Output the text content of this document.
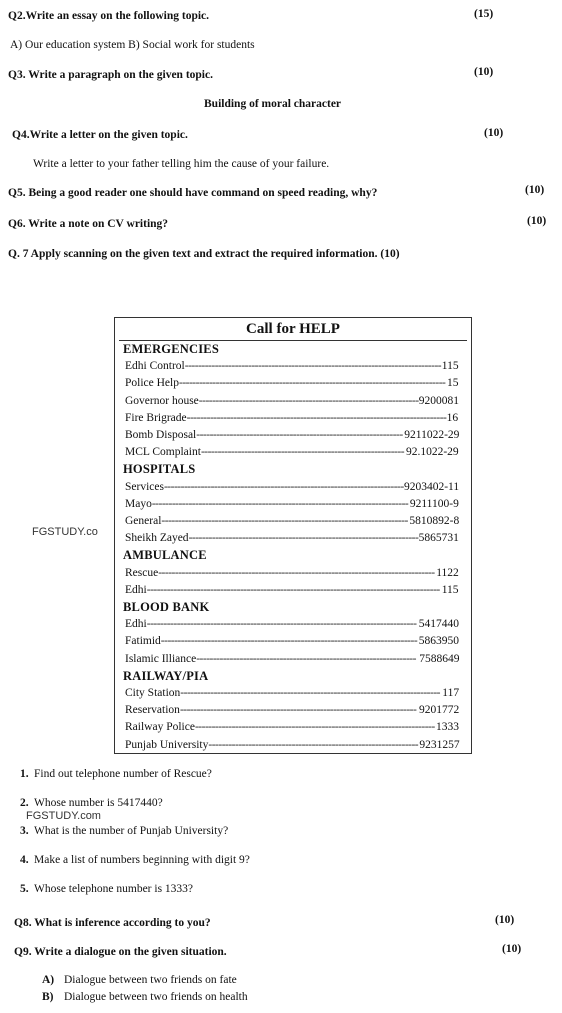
Q2.Write an essay on the following topic.	(15)
A) Our education system B) Social work for students
Q3. Write a paragraph on the given topic.	(10)
Building of moral character
Q4.Write a letter on the given topic.	(10)
Write a letter to your father telling him the cause of your failure.
Q5. Being a good reader one should have command on speed reading, why?	(10)
Q6. Write a note on CV writing?	(10)
Q. 7 Apply scanning on the given text and extract the required information. (10)
Call for HELP
EMERGENCIES
Edhi Control ----------------------------------------------------------------------------- 115
Police Help -------------------------------------------------------------------------------- 15
Governor house ------------------------------------------------------------------ 9200081
Fire Brigrade ------------------------------------------------------------------------------ 16
Bomb Disposal -------------------------------------------------------------- 9211022-29
MCL Complaint ------------------------------------------------------------- 92.1022-29
HOSPITALS
Services ------------------------------------------------------------------------ 9203402-11
Mayo ----------------------------------------------------------------------------- 9211100-9
General -------------------------------------------------------------------------- 5810892-8
Sheikh Zayed --------------------------------------------------------------------- 5865731
AMBULANCE
Rescue ----------------------------------------------------------------------------------- 1122
Edhi ---------------------------------------------------------------------------------------- 115
BLOOD BANK
Edhi --------------------------------------------------------------------------------- 5417440
Fatimid ----------------------------------------------------------------------------- 5863950
Islamic Illiance ------------------------------------------------------------------ 7588649
RAILWAY/PIA
City Station ------------------------------------------------------------------------------ 117
Reservation ----------------------------------------------------------------------- 9201772
Railway Police ------------------------------------------------------------------------ 1333
Punjab University --------------------------------------------------------------- 9231257
FGSTUDY.co
FGSTUDY.com
1. Find out telephone number of Rescue?
2. Whose number is 5417440?
3. What is the number of Punjab University?
4. Make a list of numbers beginning with digit 9?
5. Whose telephone number is 1333?
Q8. What is inference according to you?	(10)
Q9. Write a dialogue on the given situation.	(10)
A) Dialogue between two friends on fate
B) Dialogue between two friends on health
